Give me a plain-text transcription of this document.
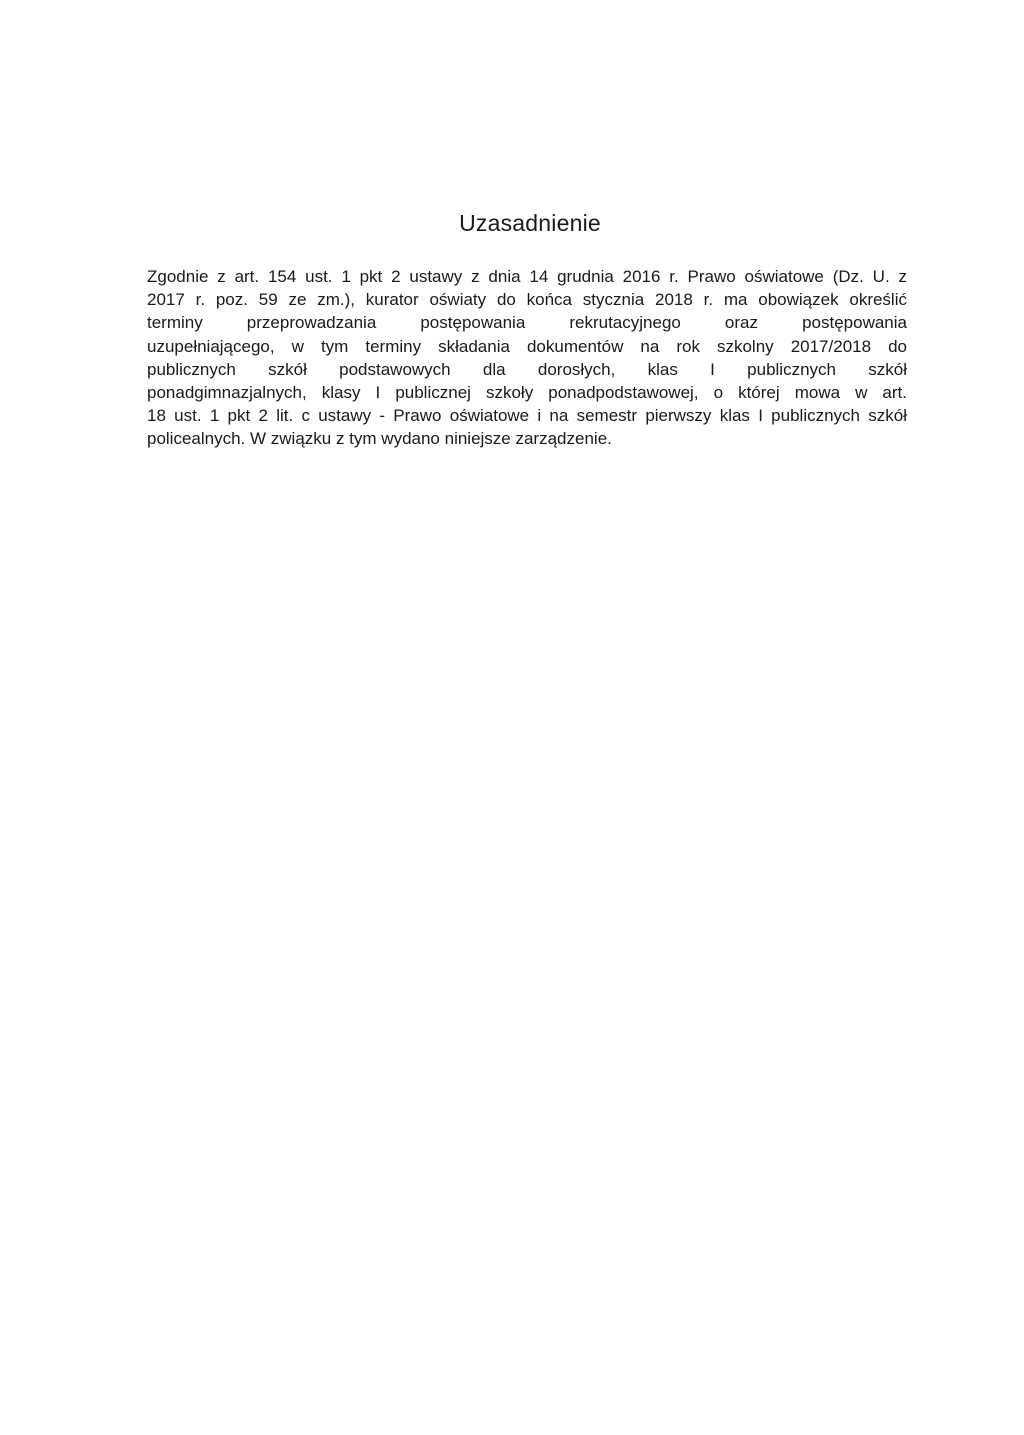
Uzasadnienie
Zgodnie z art. 154 ust. 1 pkt 2 ustawy z dnia 14 grudnia 2016 r. Prawo oświatowe (Dz. U. z
2017 r. poz. 59 ze zm.), kurator oświaty do końca stycznia 2018 r. ma obowiązek określić
terminy przeprowadzania postępowania rekrutacyjnego oraz postępowania
uzupełniającego, w tym terminy składania dokumentów na rok szkolny 2017/2018 do
publicznych szkół podstawowych dla dorosłych, klas I publicznych szkół
ponadgimnazjalnych, klasy I publicznej szkoły ponadpodstawowej, o której mowa w art.
18 ust. 1 pkt 2 lit. c ustawy - Prawo oświatowe i na semestr pierwszy klas I publicznych szkół
policealnych. W związku z tym wydano niniejsze zarządzenie.
